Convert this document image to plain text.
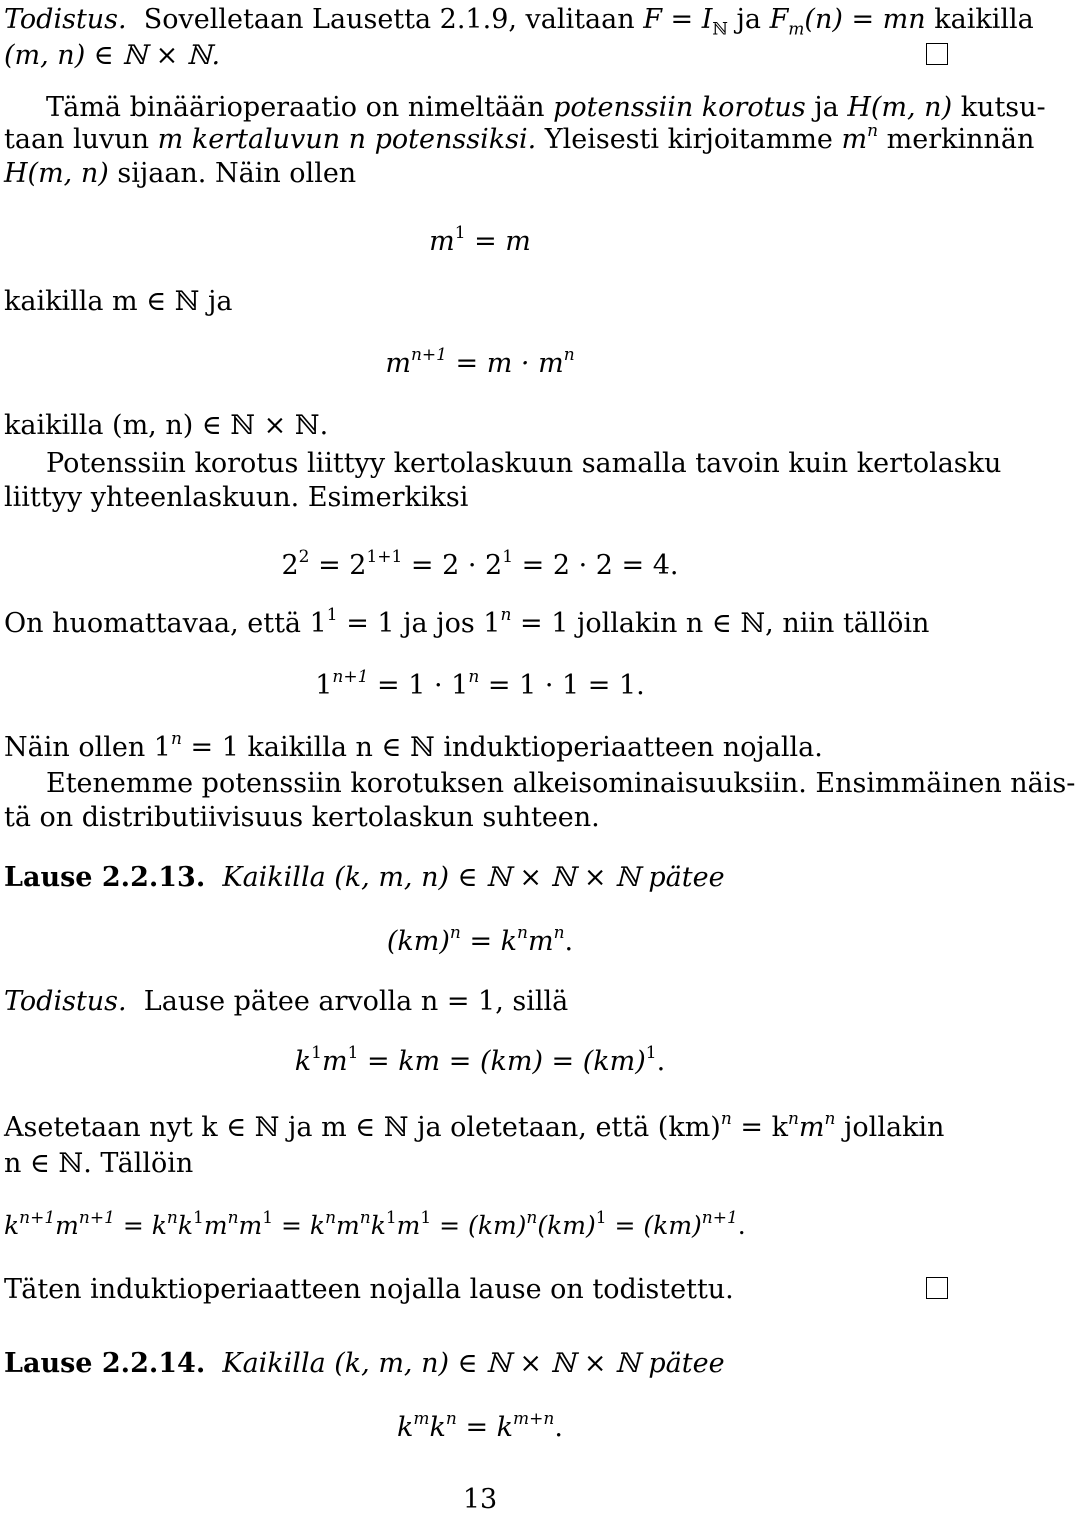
Todistus. Sovelletaan Lausetta 2.1.9, valitaan $F = I_ℕ$ ja $F_m(n)$ = mn kaikilla
(m, n) ∈ ℕ × ℕ.
Tämä binäärioperaatio on nimeltään potenssiin korotus ja H(m, n) kutsu-
taan luvun m kertaluvun n potenssiksi. Yleisesti kirjoitamme $m^n$ merkinnän
H(m, n) sijaan. Näin ollen
$m^1 = m$
kaikilla m ∈ ℕ ja
$m^{n+1} = m \cdot m^n$
kaikilla (m, n) ∈ ℕ × ℕ.
Potenssiin korotus liittyy kertolaskuun samalla tavoin kuin kertolasku
liittyy yhteenlaskuun. Esimerkiksi
$2^2 = 2^{1+1} = 2 \cdot 2^1 = 2 \cdot 2 = 4$.
On huomattavaa, että $1^1 = 1$ ja jos $1^n = 1$ jollakin n ∈ ℕ, niin tällöin
$1^{n+1} = 1 \cdot 1^n = 1 \cdot 1 = 1$.
Näin ollen $1^n = 1$ kaikilla n ∈ ℕ induktioperiaatteen nojalla.
Etenemme potenssiin korotuksen alkeisominaisuuksiin. Ensimmäinen näis-
tä on distributiivisuus kertolaskun suhteen.
Lause 2.2.13. Kaikilla (k, m, n) ∈ ℕ × ℕ × ℕ pätee
$(km)^n = k^nm^n$.
Todistus. Lause pätee arvolla n = 1, sillä
$k^1m^1$ = km = (km) = (km)$^1$.
Asetetaan nyt k ∈ ℕ ja m ∈ ℕ ja oletetaan, että $(km)^n = k^nm^n$ jollakin
n ∈ ℕ. Tällöin
$k^{n+1}m^{n+1} = k^nk^1m^nm^1 = k^nm^nk^1m^1 = (km)^n(km)^1 = (km)^{n+1}$.
Täten induktioperiaatteen nojalla lause on todistettu.
Lause 2.2.14. Kaikilla (k, m, n) ∈ ℕ × ℕ × ℕ pätee
$k^mk^n = k^{m+n}$.
13
